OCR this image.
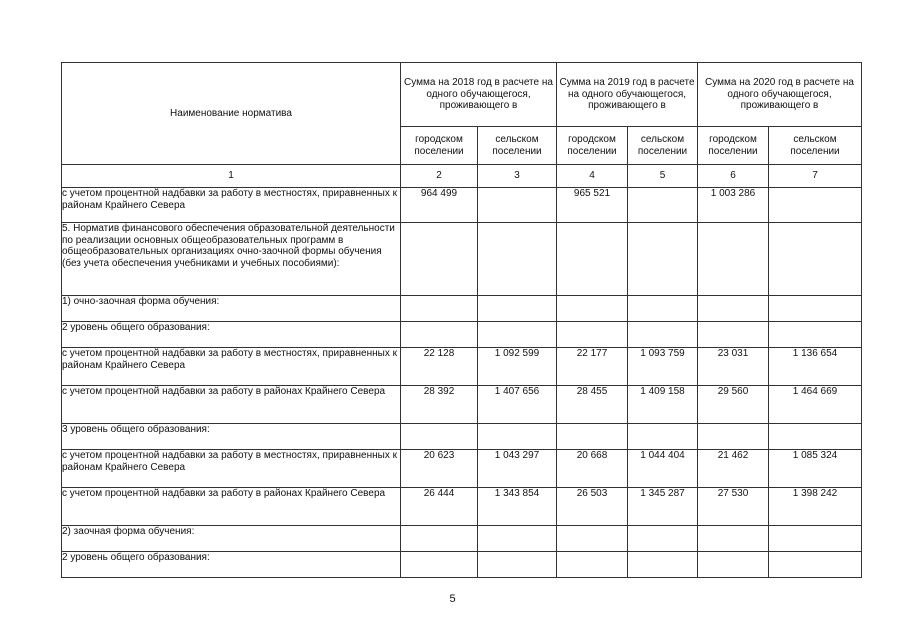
Наименование норматива	Сумма на 2018 год в расчете на одного обучающегося, проживающего в		Сумма на 2019 год в расчете на одного обучающегося, проживающего в		Сумма на 2020 год в расчете на одного обучающегося, проживающего в	
	городском поселении	сельском поселении	городском поселении	сельском поселении	городском поселении	сельском поселении
1	2	3	4	5	6	7
с учетом процентной надбавки за работу в местностях, приравненных к районам Крайнего Севера	964 499		965 521		1 003 286	
5. Норматив финансового обеспечения образовательной деятельности по реализации основных общеобразовательных программ в общеобразовательных организациях очно-заочной формы обучения (без учета обеспечения учебниками и учебных пособиями):						
1) очно-заочная форма обучения:						
2 уровень общего образования:						
с учетом процентной надбавки за работу в местностях, приравненных к районам Крайнего Севера	22 128	1 092 599	22 177	1 093 759	23 031	1 136 654
с учетом процентной надбавки за работу в районах Крайнего Севера	28 392	1 407 656	28 455	1 409 158	29 560	1 464 669
3 уровень общего образования:						
с учетом процентной надбавки за работу в местностях, приравненных к районам Крайнего Севера	20 623	1 043 297	20 668	1 044 404	21 462	1 085 324
с учетом процентной надбавки за работу в районах Крайнего Севера	26 444	1 343 854	26 503	1 345 287	27 530	1 398 242
2) заочная форма обучения:						
2 уровень общего образования:						
5
